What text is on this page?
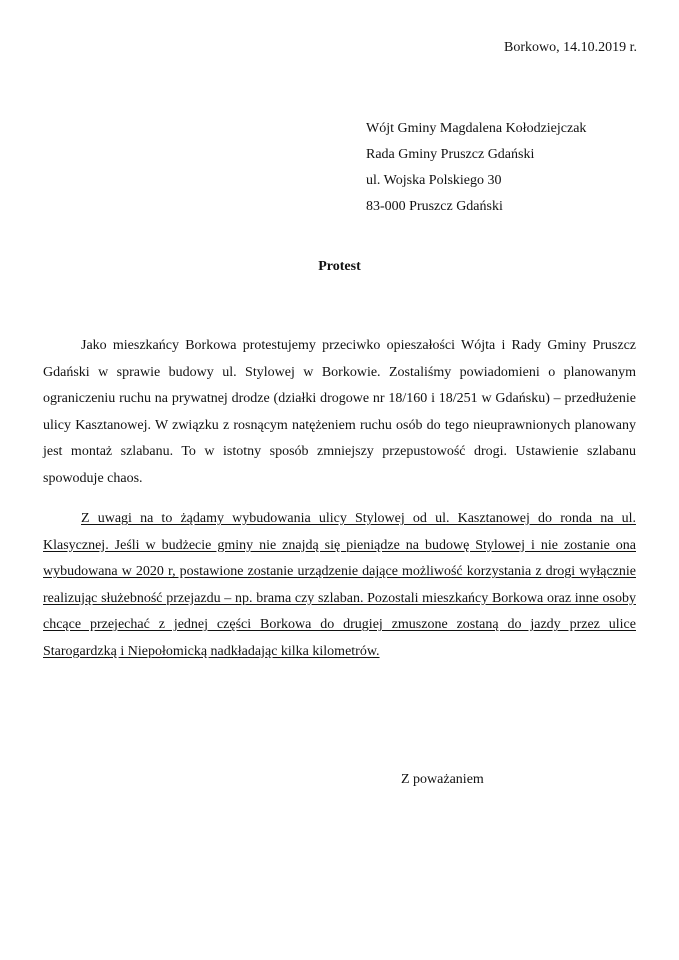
Borkowo, 14.10.2019 r.
Wójt Gminy Magdalena Kołodziejczak
Rada Gminy Pruszcz Gdański
ul. Wojska Polskiego 30
83-000 Pruszcz Gdański
Protest

Jako mieszkańcy Borkowa protestujemy przeciwko opieszałości Wójta i Rady Gminy Pruszcz Gdański w sprawie budowy ul. Stylowej w Borkowie. Zostaliśmy powiadomieni o planowanym ograniczeniu ruchu na prywatnej drodze (działki drogowe nr 18/160 i 18/251 w Gdańsku) – przedłużenie ulicy Kasztanowej. W związku z rosnącym natężeniem ruchu osób do tego nieuprawnionych planowany jest montaż szlabanu. To w istotny sposób zmniejszy przepustowość drogi. Ustawienie szlabanu spowoduje chaos.

Z uwagi na to żądamy wybudowania ulicy Stylowej od ul. Kasztanowej do ronda na ul. Klasycznej. Jeśli w budżecie gminy nie znajdą się pieniądze na budowę Stylowej i nie zostanie ona wybudowana w 2020 r, postawione zostanie urządzenie dające możliwość korzystania z drogi wyłącznie realizując służebność przejazdu – np. brama czy szlaban. Pozostali mieszkańcy Borkowa oraz inne osoby chcące przejechać z jednej części Borkowa do drugiej zmuszone zostaną do jazdy przez ulice Starogardzką i Niepołomicką nadkładając kilka kilometrów.

Z poważaniem
